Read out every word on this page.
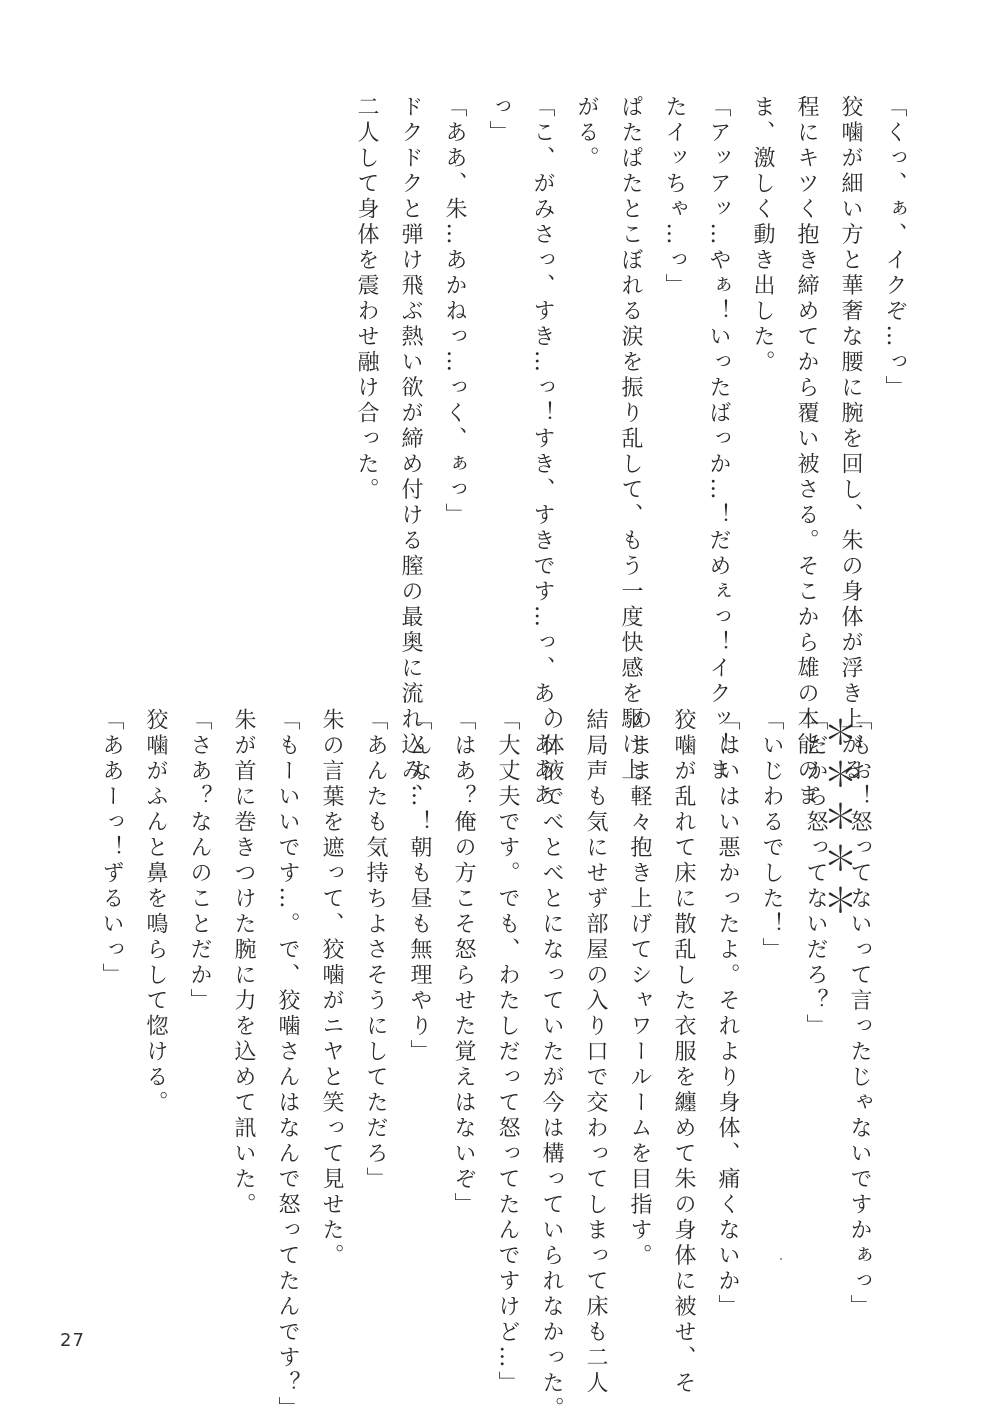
「くっ、ぁ、イクぞ…っ」
狡噛が細い方と華奢な腰に腕を回し、朱の身体が浮き上がる
程にキツく抱き締めてから覆い被さる。そこから雄の本能のま
ま、激しく動き出した。
「アッアッ…やぁ！いったばっか…！だめぇっ！イクッ！ま
たイッちゃ…っ」
ぱたぱたとこぼれる涙を振り乱して、もう一度快感を駆け上
がる。
「こ、がみさっ、すき…っ！すき、すきです…っ、あ、あああ
っ」
「ああ、朱…あかねっ…っく、ぁっ」
ドクドクと弾け飛ぶ熱い欲が締め付ける膣の最奥に流れ込み、
二人して身体を震わせ融け合った。
＊＊＊＊＊
「もお！怒ってないって言ったじゃないですかぁっ」
「だから怒ってないだろ？」
「いじわるでした！」
「はいはい悪かったよ。それより身体、痛くないか」
狡噛が乱れて床に散乱した衣服を纏めて朱の身体に被せ、そ
のまま軽々抱き上げてシャワールームを目指す。
結局声も気にせず部屋の入り口で交わってしまって床も二人
の体液でべとべとになっていたが今は構っていられなかった。
「大丈夫です。でも、わたしだって怒ってたんですけど…」
「はあ？俺の方こそ怒らせた覚えはないぞ」
「んな…！朝も昼も無理やり」
「あんたも気持ちよさそうにしてただろ」
朱の言葉を遮って、狡噛がニヤと笑って見せた。
「もーいいです…。で、狡噛さんはなんで怒ってたんです？」
朱が首に巻きつけた腕に力を込めて訊いた。
「さあ？なんのことだか」
狡噛がふんと鼻を鳴らして惚ける。
「ああーっ！ずるいっ」
27
